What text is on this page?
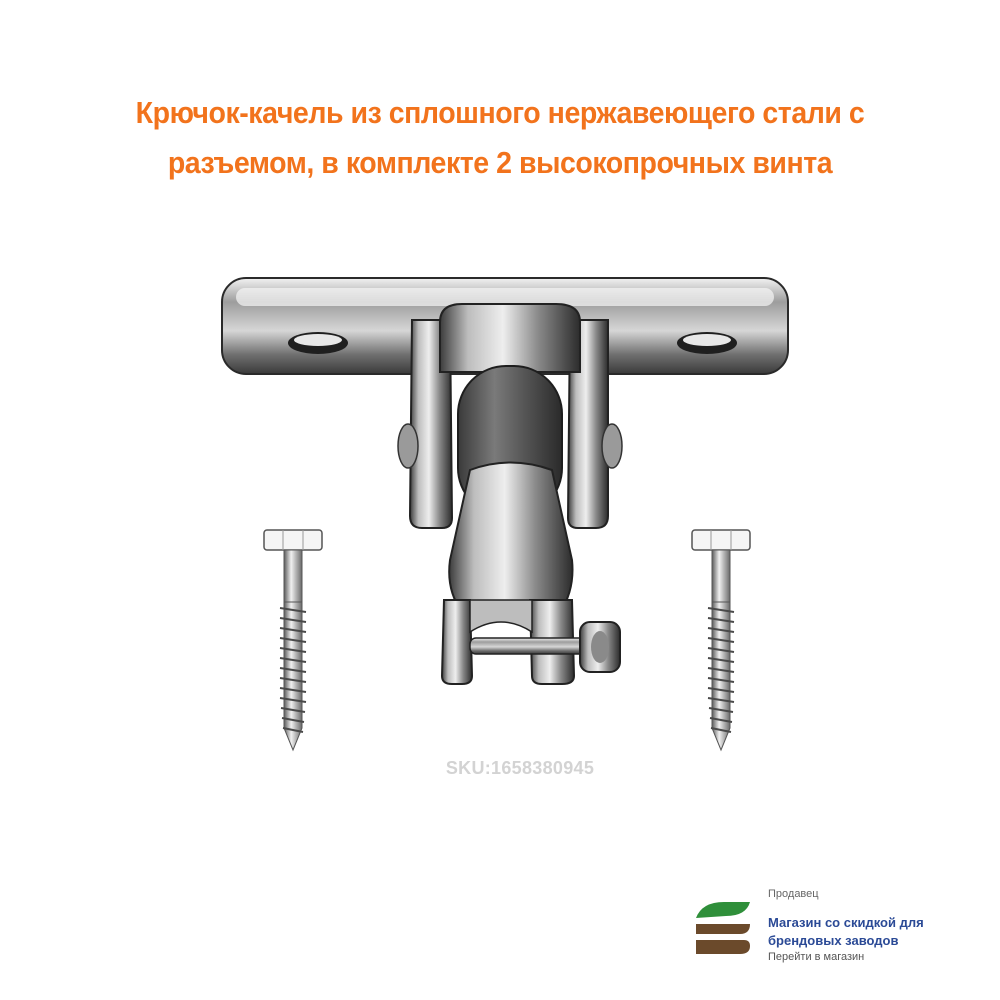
Крючок-качель из сплошного нержавеющего стали с
разъемом, в комплекте 2 высокопрочных винта
SKU:1658380945
Продавец
Магазин со скидкой для
брендовых заводов
Перейти в магазин
